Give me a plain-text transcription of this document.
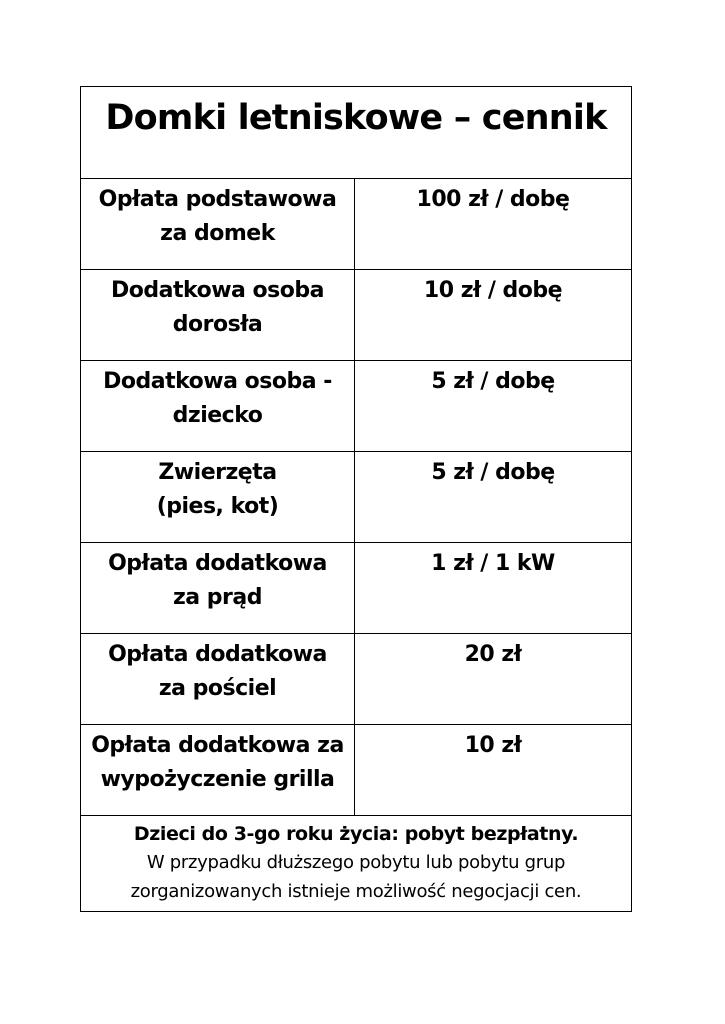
Domki letniskowe – cennik	

Opłata podstawowa
za domek	100 zł / dobę

Dodatkowa osoba
dorosła	10 zł / dobę

Dodatkowa osoba -
dziecko	5 zł / dobę

Zwierzęta
(pies, kot)	5 zł / dobę

Opłata dodatkowa
za prąd	1 zł / 1 kW

Opłata dodatkowa
za pościel	20 zł

Opłata dodatkowa za
wypożyczenie grilla	10 zł

Dzieci do 3-go roku życia: pobyt bezpłatny.
W przypadku dłuższego pobytu lub pobytu grup
zorganizowanych istnieje możliwość negocjacji cen.	
